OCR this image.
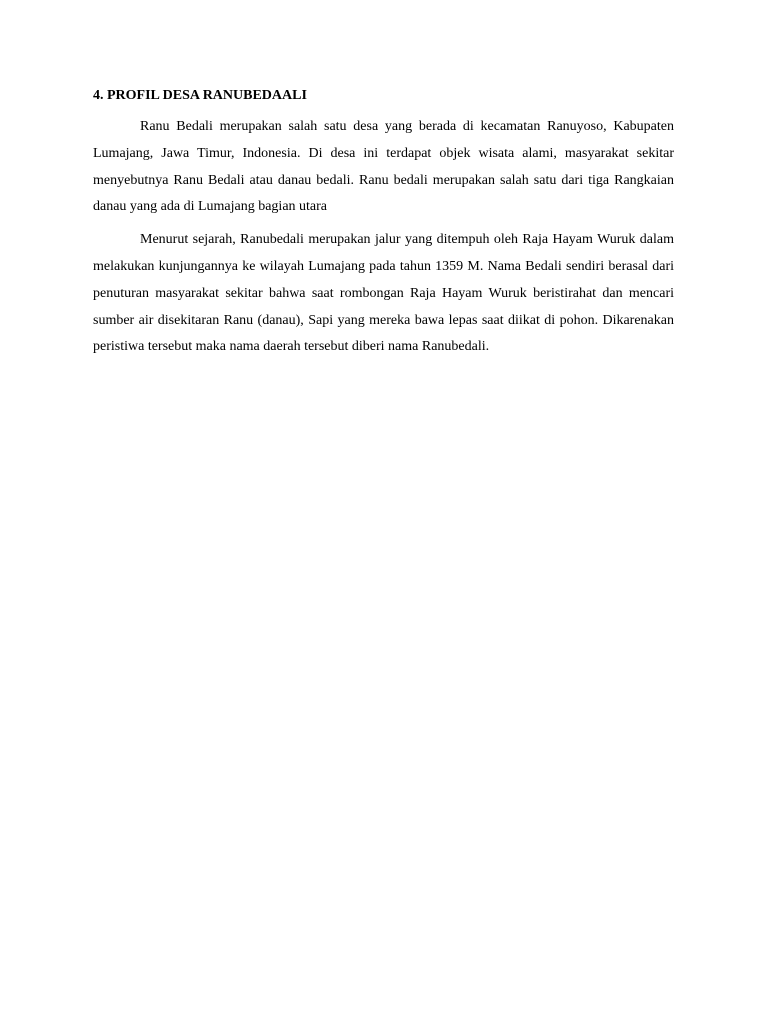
4. PROFIL DESA RANUBEDAALI

Ranu Bedali merupakan salah satu desa yang berada di kecamatan Ranuyoso, Kabupaten Lumajang, Jawa Timur, Indonesia. Di desa ini terdapat objek wisata alami, masyarakat sekitar menyebutnya Ranu Bedali atau danau bedali. Ranu bedali merupakan salah satu dari tiga Rangkaian danau yang ada di Lumajang bagian utara

Menurut sejarah, Ranubedali merupakan jalur yang ditempuh oleh Raja Hayam Wuruk dalam melakukan kunjungannya ke wilayah Lumajang pada tahun 1359 M. Nama Bedali sendiri berasal dari penuturan masyarakat sekitar bahwa saat rombongan Raja Hayam Wuruk beristirahat dan mencari sumber air disekitaran Ranu (danau), Sapi yang mereka bawa lepas saat diikat di pohon. Dikarenakan peristiwa tersebut maka nama daerah tersebut diberi nama Ranubedali.
